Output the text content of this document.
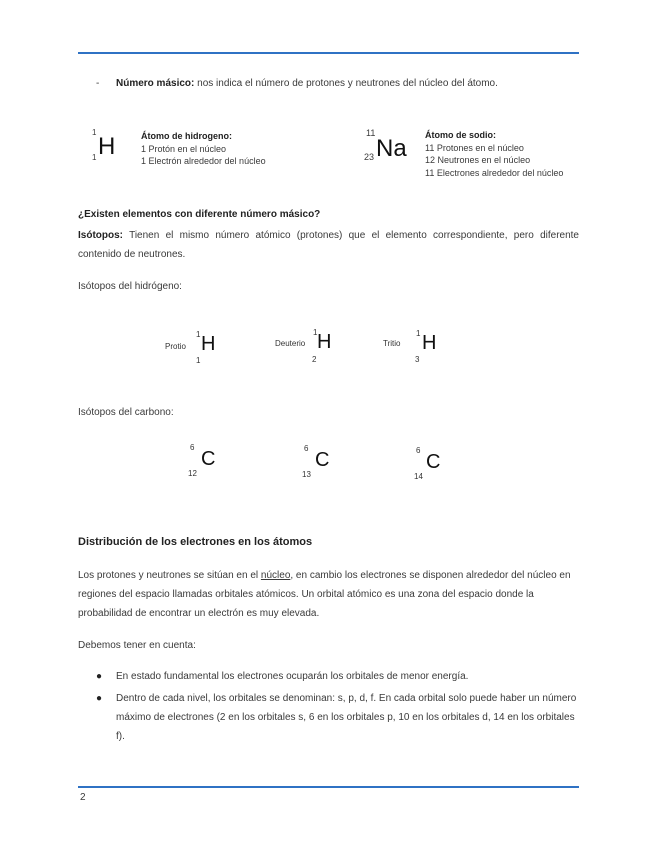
- Número másico: nos indica el número de protones y neutrones del núcleo del átomo.
1
1 H	Átomo de hidrogeno:
1 Protón en el núcleo
1 Electrón alrededor del núcleo
11
23 Na Átomo de sodio:
11 Protones en el núcleo
12 Neutrones en el núcleo
11 Electrones alrededor del núcleo
¿Existen elementos con diferente número másico?
Isótopos: Tienen el mismo número atómico (protones) que el elemento correspondiente, pero diferente contenido de neutrones.
Isótopos del hidrógeno:
Protio
1 H
1
Deuterio
1 H
2
Tritio
1 H
3
Isótopos del carbono:
6
C
12
6
C
13
6
C
14
Distribución de los electrones en los átomos
Los protones y neutrones se sitúan en el núcleo, en cambio los electrones se disponen alrededor del núcleo en regiones del espacio llamadas orbitales atómicos. Un orbital atómico es una zona del espacio donde la probabilidad de encontrar un electrón es muy elevada.
Debemos tener en cuenta:
● En estado fundamental los electrones ocuparán los orbitales de menor energía.
● Dentro de cada nivel, los orbitales se denominan: s, p, d, f. En cada orbital solo puede haber un número máximo de electrones (2 en los orbitales s, 6 en los orbitales p, 10 en los orbitales d, 14 en los orbitales f).
2
